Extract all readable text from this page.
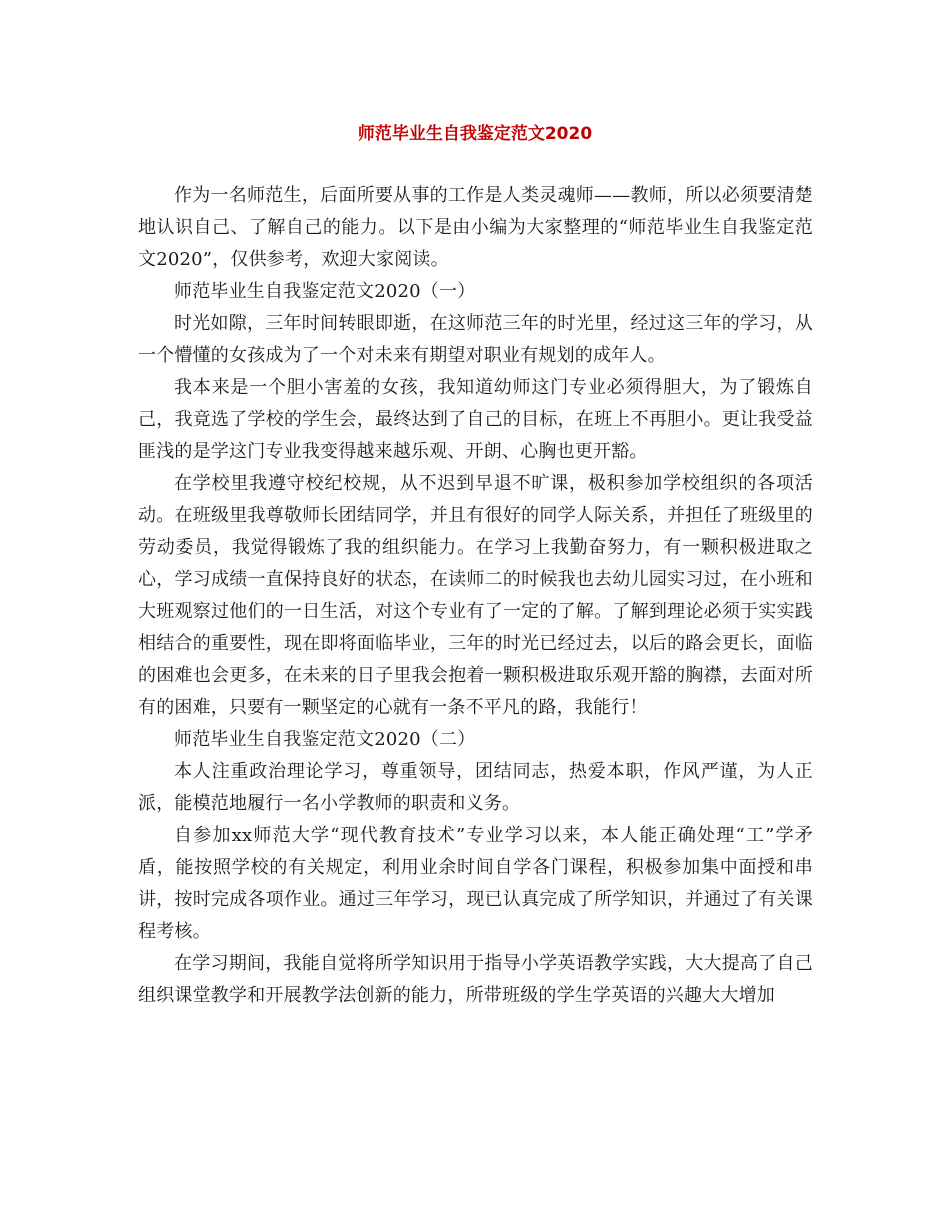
师范毕业生自我鉴定范文2020

作为一名师范生，后面所要从事的工作是人类灵魂师——教师，所以必须要清楚地认识自己、了解自己的能力。以下是由小编为大家整理的“师范毕业生自我鉴定范文2020”，仅供参考，欢迎大家阅读。

师范毕业生自我鉴定范文2020（一）

时光如隙，三年时间转眼即逝，在这师范三年的时光里，经过这三年的学习，从一个懵懂的女孩成为了一个对未来有期望对职业有规划的成年人。

我本来是一个胆小害羞的女孩，我知道幼师这门专业必须得胆大，为了锻炼自己，我竟选了学校的学生会，最终达到了自己的目标，在班上不再胆小。更让我受益匪浅的是学这门专业我变得越来越乐观、开朗、心胸也更开豁。

在学校里我遵守校纪校规，从不迟到早退不旷课，极积参加学校组织的各项活动。在班级里我尊敬师长团结同学，并且有很好的同学人际关系，并担任了班级里的劳动委员，我觉得锻炼了我的组织能力。在学习上我勤奋努力，有一颗积极进取之心，学习成绩一直保持良好的状态，在读师二的时候我也去幼儿园实习过，在小班和大班观察过他们的一日生活，对这个专业有了一定的了解。了解到理论必须于实实践相结合的重要性，现在即将面临毕业，三年的时光已经过去，以后的路会更长，面临的困难也会更多，在未来的日子里我会抱着一颗积极进取乐观开豁的胸襟，去面对所有的困难，只要有一颗坚定的心就有一条不平凡的路，我能行！

师范毕业生自我鉴定范文2020（二）

本人注重政治理论学习，尊重领导，团结同志，热爱本职，作风严谨，为人正派，能模范地履行一名小学教师的职责和义务。

自参加xx师范大学“现代教育技术”专业学习以来，本人能正确处理“工”学矛盾，能按照学校的有关规定，利用业余时间自学各门课程，积极参加集中面授和串讲，按时完成各项作业。通过三年学习，现已认真完成了所学知识，并通过了有关课程考核。

在学习期间，我能自觉将所学知识用于指导小学英语教学实践，大大提高了自己组织课堂教学和开展教学法创新的能力，所带班级的学生学英语的兴趣大大增加
